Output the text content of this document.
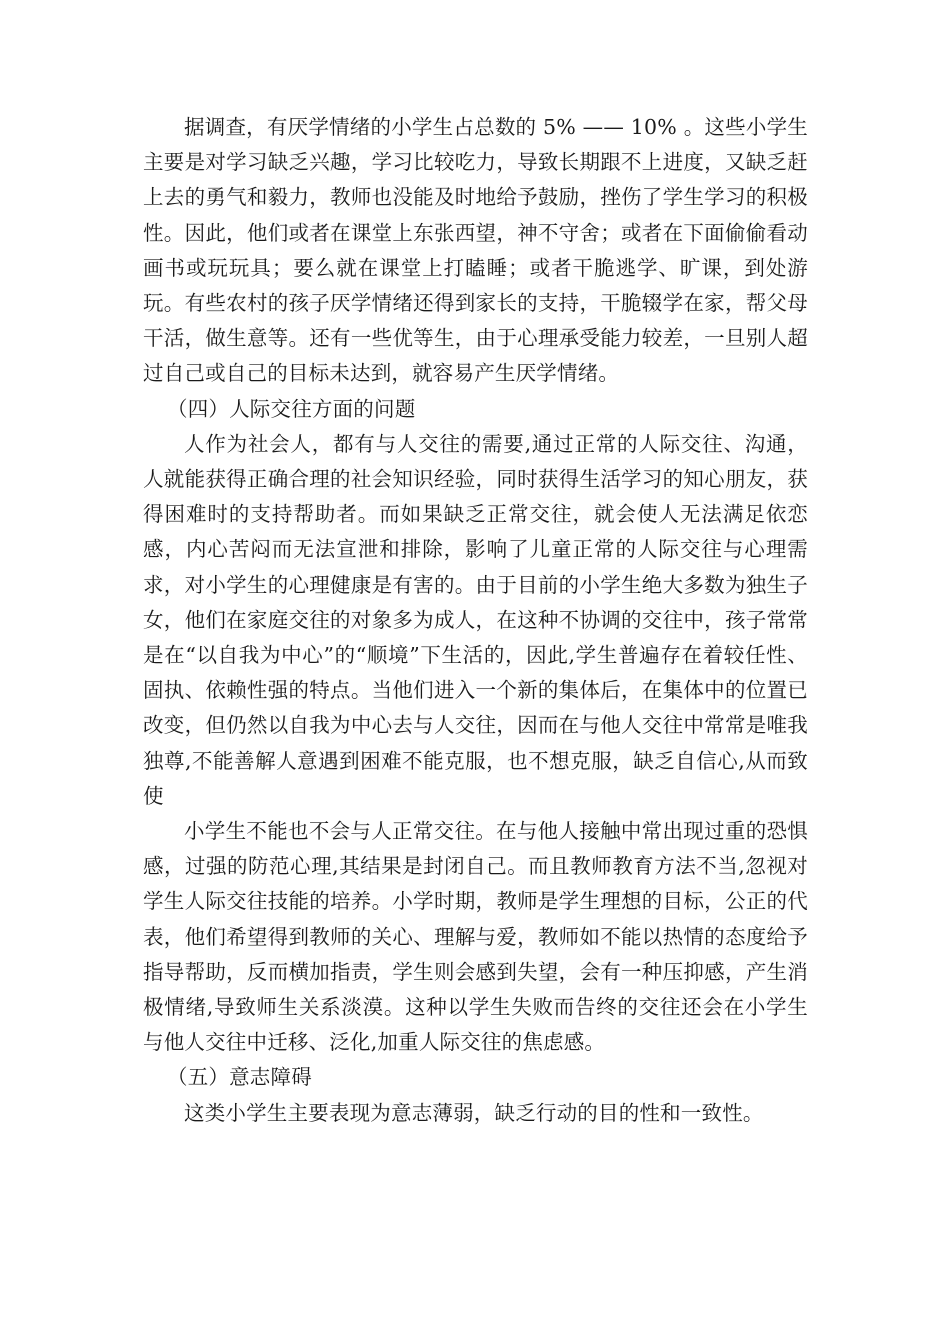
据调查，有厌学情绪的小学生占总数的 5% —— 10% 。这些小学生主要是对学习缺乏兴趣，学习比较吃力，导致长期跟不上进度，又缺乏赶上去的勇气和毅力，教师也没能及时地给予鼓励，挫伤了学生学习的积极性。因此，他们或者在课堂上东张西望，神不守舍；或者在下面偷偷看动画书或玩玩具；要么就在课堂上打瞌睡；或者干脆逃学、旷课，到处游玩。有些农村的孩子厌学情绪还得到家长的支持，干脆辍学在家，帮父母干活，做生意等。还有一些优等生，由于心理承受能力较差，一旦别人超过自己或自己的目标未达到，就容易产生厌学情绪。

（四）人际交往方面的问题

人作为社会人，都有与人交往的需要,通过正常的人际交往、沟通，人就能获得正确合理的社会知识经验，同时获得生活学习的知心朋友，获得困难时的支持帮助者。而如果缺乏正常交往，就会使人无法满足依恋感，内心苦闷而无法宣泄和排除，影响了儿童正常的人际交往与心理需求，对小学生的心理健康是有害的。由于目前的小学生绝大多数为独生子女，他们在家庭交往的对象多为成人，在这种不协调的交往中，孩子常常是在“以自我为中心”的“顺境”下生活的，因此,学生普遍存在着较任性、固执、依赖性强的特点。当他们进入一个新的集体后，在集体中的位置已改变，但仍然以自我为中心去与人交往，因而在与他人交往中常常是唯我独尊,不能善解人意遇到困难不能克服，也不想克服，缺乏自信心,从而致使

小学生不能也不会与人正常交往。在与他人接触中常出现过重的恐惧感，过强的防范心理,其结果是封闭自己。而且教师教育方法不当,忽视对学生人际交往技能的培养。小学时期，教师是学生理想的目标，公正的代表，他们希望得到教师的关心、理解与爱，教师如不能以热情的态度给予指导帮助，反而横加指责，学生则会感到失望，会有一种压抑感，产生消极情绪,导致师生关系淡漠。这种以学生失败而告终的交往还会在小学生与他人交往中迁移、泛化,加重人际交往的焦虑感。

（五）意志障碍

这类小学生主要表现为意志薄弱，缺乏行动的目的性和一致性。
